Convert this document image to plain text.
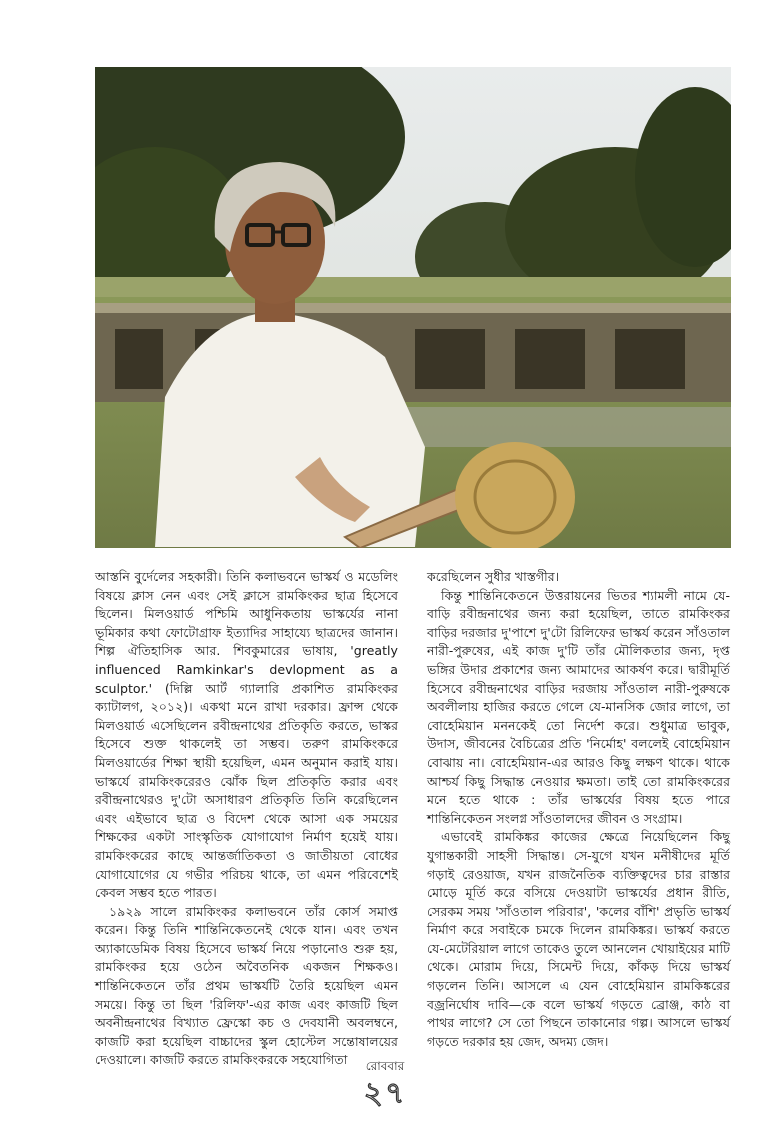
আস্তনি বুর্দেলের সহকারী। তিনি কলাভবনে ভাস্কর্য ও মডেলিং বিষয়ে ক্লাস নেন এবং সেই ক্লাসে রামকিংকর ছাত্র হিসেবে ছিলেন। মিলওয়ার্ড পশ্চিমি আধুনিকতায় ভাস্কর্যের নানা ভূমিকার কথা ফোটোগ্রাফ ইত্যাদির সাহায্যে ছাত্রদের জানান। শিল্প ঐতিহাসিক আর. শিবকুমারের ভাষায়, 'greatly influenced Ramkinkar's devlopment as a sculptor.' (দিল্লি আর্ট গ্যালারি প্রকাশিত রামকিংকর ক্যাটালগ, ২০১২)। একথা মনে রাখা দরকার। ফ্রান্স থেকে মিলওয়ার্ড এসেছিলেন রবীন্দ্রনাথের প্রতিকৃতি করতে, ভাস্কর হিসেবে শুক্ত থাকলেই তা সম্ভব। তরুণ রামকিংকরে মিলওয়ার্ডের শিক্ষা স্থায়ী হয়েছিল, এমন অনুমান করাই যায়। ভাস্কর্যে রামকিংকরেরও ঝোঁক ছিল প্রতিকৃতি করার এবং রবীন্দ্রনাথেরও দু'টো অসাধারণ প্রতিকৃতি তিনি করেছিলেন এবং এইভাবে ছাত্র ও বিদেশ থেকে আসা এক সময়ের শিক্ষকের একটা সাংস্কৃতিক যোগাযোগ নির্মাণ হয়েই যায়। রামকিংকরের কাছে আন্তর্জাতিকতা ও জাতীয়তা বোধের যোগাযোগের যে গভীর পরিচয় থাকে, তা এমন পরিবেশেই কেবল সম্ভব হতে পারত।

১৯২৯ সালে রামকিংকর কলাভবনে তাঁর কোর্স সমাপ্ত করেন। কিন্তু তিনি শান্তিনিকেতনেই থেকে যান। এবং তখন অ্যাকাডেমিক বিষয় হিসেবে ভাস্কর্য নিয়ে পড়ানোও শুরু হয়, রামকিংকর হয়ে ওঠেন অবৈতনিক একজন শিক্ষকও। শান্তিনিকেতনে তাঁর প্রথম ভাস্কর্যটি তৈরি হয়েছিল এমন সময়ে। কিন্তু তা ছিল 'রিলিফ'-এর কাজ এবং কাজটি ছিল অবনীন্দ্রনাথের বিখ্যাত ফ্রেস্কো কচ ও দেবযানী অবলম্বনে, কাজটি করা হয়েছিল বাচ্চাদের স্কুল হোস্টেল সন্তোষালয়ের দেওয়ালে। কাজটি করতে রামকিংকরকে সহযোগিতা

করেছিলেন সুধীর খাস্তগীর।

কিন্তু শান্তিনিকেতনে উত্তরায়নের ভিতর শ্যামলী নামে যে-বাড়ি রবীন্দ্রনাথের জন্য করা হয়েছিল, তাতে রামকিংকর বাড়ির দরজার দু'পাশে দু'টো রিলিফের ভাস্কর্য করেন সাঁওতাল নারী-পুরুষের, এই কাজ দু'টি তাঁর মৌলিকতার জন্য, দৃপ্ত ভঙ্গির উদার প্রকাশের জন্য আমাদের আকর্ষণ করে। দ্বারীমূর্তি হিসেবে রবীন্দ্রনাথের বাড়ির দরজায় সাঁওতাল নারী-পুরুষকে অবলীলায় হাজির করতে গেলে যে-মানসিক জোর লাগে, তা বোহেমিয়ান মননকেই তো নির্দেশ করে। শুধুমাত্র ভাবুক, উদাস, জীবনের বৈচিত্রের প্রতি 'নির্মোহ' বললেই বোহেমিয়ান বোঝায় না। বোহেমিয়ান-এর আরও কিছু লক্ষণ থাকে। থাকে আশ্চর্য কিছু সিদ্ধান্ত নেওয়ার ক্ষমতা। তাই তো রামকিংকরের মনে হতে থাকে : তাঁর ভাস্কর্যের বিষয় হতে পারে শান্তিনিকেতন সংলগ্ন সাঁওতালদের জীবন ও সংগ্রাম।

এভাবেই রামকিঙ্কর কাজের ক্ষেত্রে নিয়েছিলেন কিছু যুগান্তকারী সাহসী সিদ্ধান্ত। সে-যুগে যখন মনীষীদের মূর্তি গড়াই রেওয়াজ, যখন রাজনৈতিক ব্যক্তিত্বদের চার রাস্তার মোড়ে মূর্তি করে বসিয়ে দেওয়াটা ভাস্কর্যের প্রধান রীতি, সেরকম সময় 'সাঁওতাল পরিবার', 'কলের বাঁশি' প্রভৃতি ভাস্কর্য নির্মাণ করে সবাইকে চমকে দিলেন রামকিঙ্কর। ভাস্কর্য করতে যে-মেটেরিয়াল লাগে তাকেও তুলে আনলেন খোয়াইয়ের মাটি থেকে। মোরাম দিয়ে, সিমেন্ট দিয়ে, কাঁকড় দিয়ে ভাস্কর্য গড়লেন তিনি। আসলে এ যেন বোহেমিয়ান রামকিঙ্করের বজ্রনির্ঘোষ দাবি—কে বলে ভাস্কর্য গড়তে ব্রোঞ্জ, কাঠ বা পাথর লাগে? সে তো পিছনে তাকানোর গল্প। আসলে ভাস্কর্য গড়তে দরকার হয় জেদ, অদম্য জেদ।

রোববার
২৭
